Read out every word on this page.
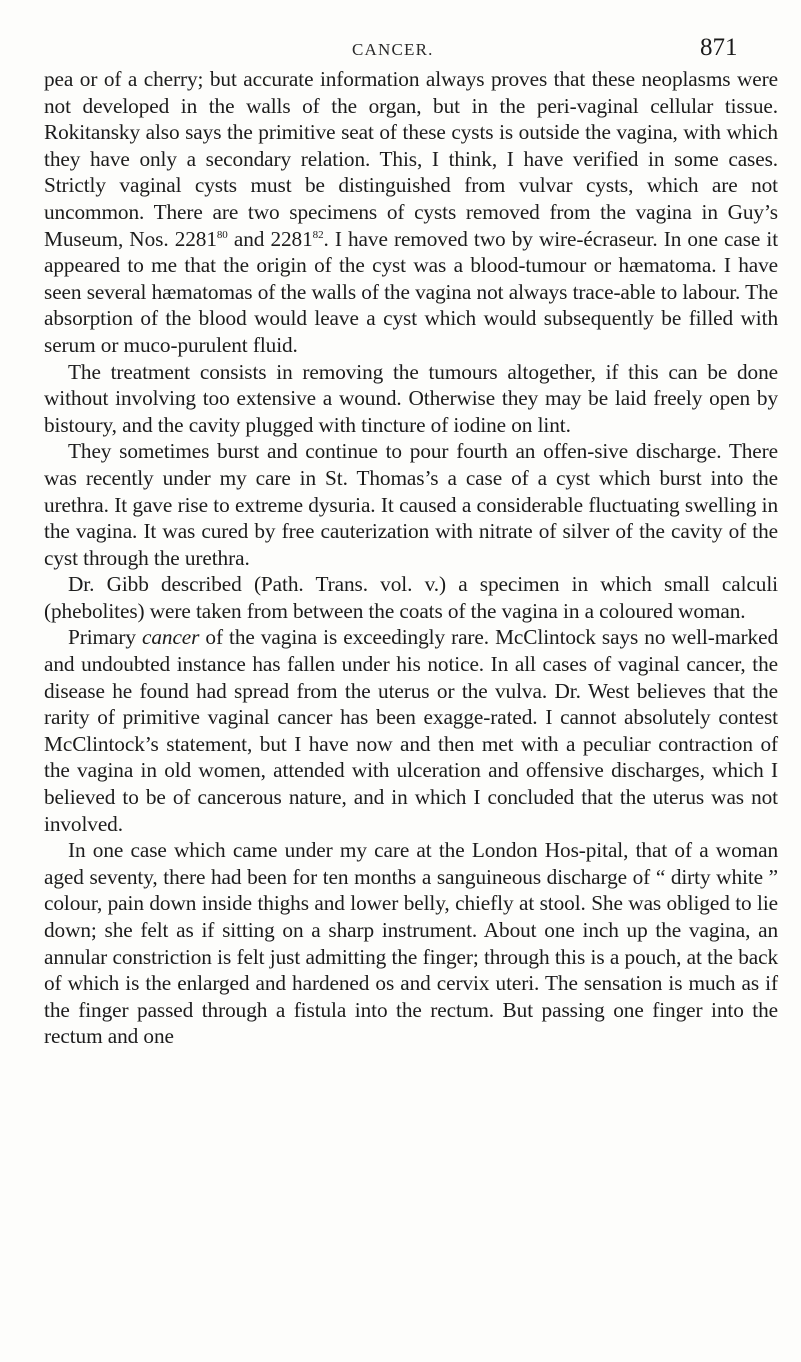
CANCER.	871

pea or of a cherry; but accurate information always proves that these neoplasms were not developed in the walls of the organ, but in the peri-vaginal cellular tissue. Rokitansky also says the primitive seat of these cysts is outside the vagina, with which they have only a secondary relation. This, I think, I have verified in some cases. Strictly vaginal cysts must be distinguished from vulvar cysts, which are not uncommon. There are two specimens of cysts removed from the vagina in Guy’s Museum, Nos. 2281$^{80}$ and 2281$^{82}$. I have removed two by wire-écraseur. In one case it appeared to me that the origin of the cyst was a blood-tumour or hæmatoma. I have seen several hæmatomas of the walls of the vagina not always trace-able to labour. The absorption of the blood would leave a cyst which would subsequently be filled with serum or muco-purulent fluid.

The treatment consists in removing the tumours altogether, if this can be done without involving too extensive a wound. Otherwise they may be laid freely open by bistoury, and the cavity plugged with tincture of iodine on lint.

They sometimes burst and continue to pour fourth an offen-sive discharge. There was recently under my care in St. Thomas’s a case of a cyst which burst into the urethra. It gave rise to extreme dysuria. It caused a considerable fluctuating swelling in the vagina. It was cured by free cauterization with nitrate of silver of the cavity of the cyst through the urethra.

Dr. Gibb described (Path. Trans. vol. v.) a specimen in which small calculi (phebolites) were taken from between the coats of the vagina in a coloured woman.

Primary cancer of the vagina is exceedingly rare. McClintock says no well-marked and undoubted instance has fallen under his notice. In all cases of vaginal cancer, the disease he found had spread from the uterus or the vulva. Dr. West believes that the rarity of primitive vaginal cancer has been exagge-rated. I cannot absolutely contest McClintock’s statement, but I have now and then met with a peculiar contraction of the vagina in old women, attended with ulceration and offensive discharges, which I believed to be of cancerous nature, and in which I concluded that the uterus was not involved.

In one case which came under my care at the London Hos-pital, that of a woman aged seventy, there had been for ten months a sanguineous discharge of “ dirty white ” colour, pain down inside thighs and lower belly, chiefly at stool. She was obliged to lie down; she felt as if sitting on a sharp instrument. About one inch up the vagina, an annular constriction is felt just admitting the finger; through this is a pouch, at the back of which is the enlarged and hardened os and cervix uteri. The sensation is much as if the finger passed through a fistula into the rectum. But passing one finger into the rectum and one
